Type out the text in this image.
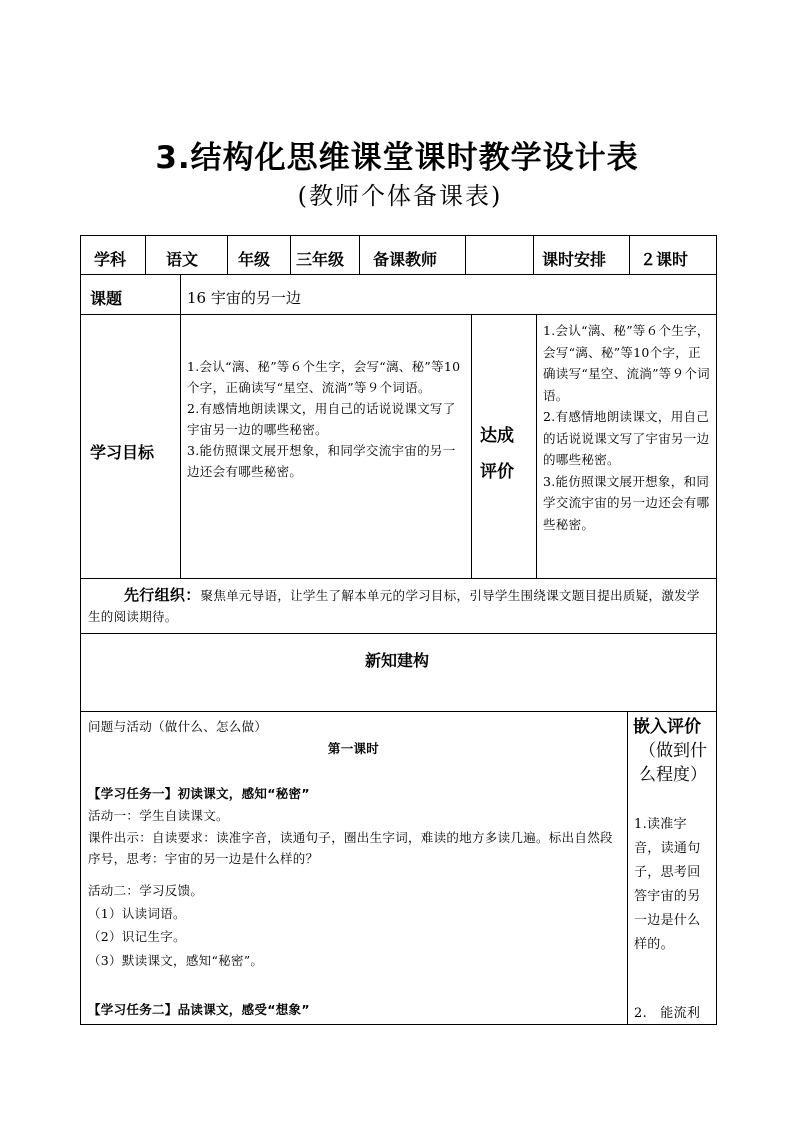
3.结构化思维课堂课时教学设计表
(教师个体备课表)
学科 语文 年级 三年级 备课教师	课时安排 ２课时
课题	16 宇宙的另一边
学习目标

1.会认“漓、秘”等６个生字，会写“漓、秘”等10个字，正确读写“星空、流淌”等９个词语。

2.有感情地朗读课文，用自己的话说说课文写了宇宙另一边的哪些秘密。

3.能仿照课文展开想象，和同学交流宇宙的另一边还会有哪些秘密。

达成
评价

1.会认“漓、秘”等６个生字，会写“漓、秘”等10个字，正确读写“星空、流淌”等９个词语。

2.有感情地朗读课文，用自己的话说说课文写了宇宙另一边的哪些秘密。

3.能仿照课文展开想象，和同学交流宇宙的另一边还会有哪些秘密。

先行组织：聚焦单元导语，让学生了解本单元的学习目标，引导学生围绕课文题目提出质疑，激发学生的阅读期待。
新知建构
问题与活动（做什么、怎么做）
第一课时
【学习任务一】初读课文，感知“秘密”
活动一：学生自读课文。
课件出示：自读要求：读准字音，读通句子，圈出生字词，难读的地方多读几遍。标出自然段序号，思考：宇宙的另一边是什么样的？
活动二：学习反馈。
（1）认读词语。
（2）识记生字。
（3）默读课文，感知“秘密”。
【学习任务二】品读课文，感受“想象”
嵌入评价
（做到什么程度）
1.读准字音，读通句子，思考回答宇宙的另一边是什么样的。
2.　能流利
